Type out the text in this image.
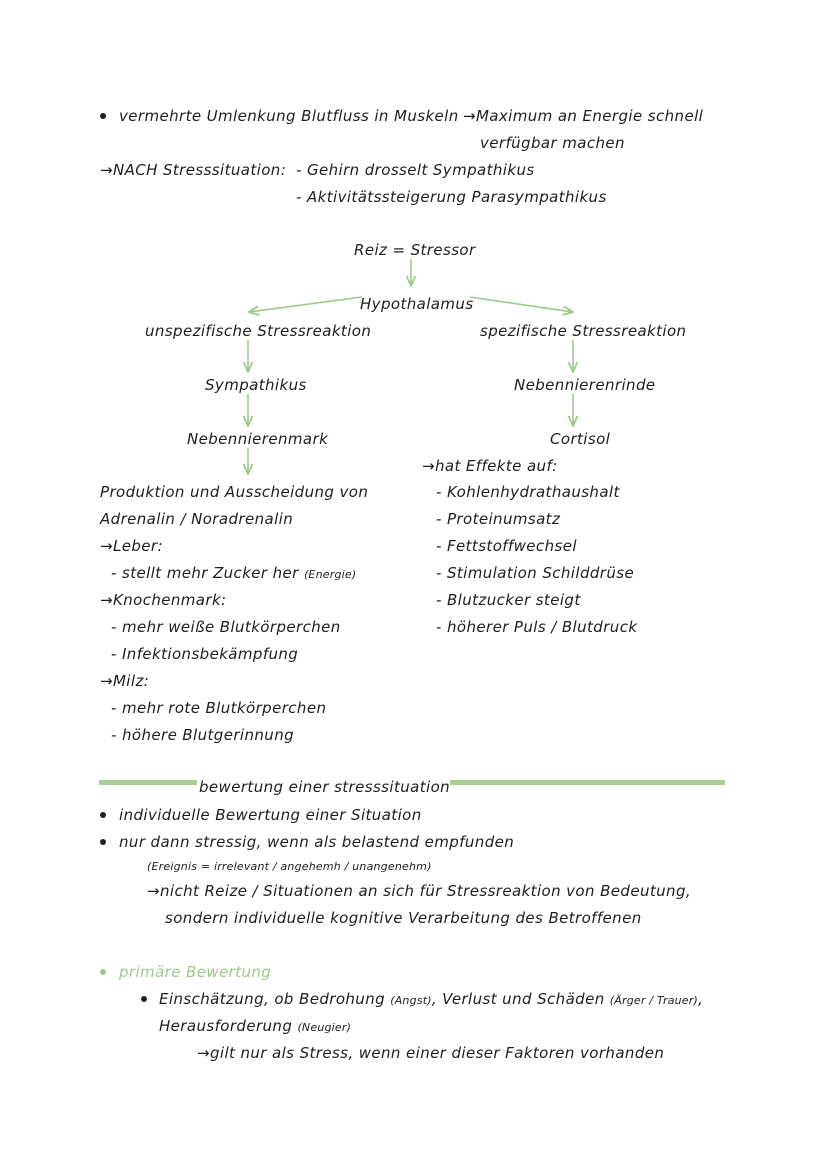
vermehrte Umlenkung Blutfluss in Muskeln →Maximum an Energie schnell
verfügbar machen
→NACH Stresssituation: - Gehirn drosselt Sympathikus
- Aktivitätssteigerung Parasympathikus
Reiz = Stressor
Hypothalamus
unspezifische Stressreaktion	spezifische Stressreaktion
Sympathikus	Nebennierenrinde
Nebennierenmark	Cortisol
Produktion und Ausscheidung von
Adrenalin / Noradrenalin
→Leber:
- stellt mehr Zucker her (Energie)
→Knochenmark:
- mehr weiße Blutkörperchen
- Infektionsbekämpfung
→Milz:
- mehr rote Blutkörperchen
- höhere Blutgerinnung
→hat Effekte auf:
- Kohlenhydrathaushalt
- Proteinumsatz
- Fettstoffwechsel
- Stimulation Schilddrüse
- Blutzucker steigt
- höherer Puls / Blutdruck
bewertung einer stresssituation
individuelle Bewertung einer Situation
nur dann stressig, wenn als belastend empfunden
(Ereignis = irrelevant / angehemh / unangenehm)
→nicht Reize / Situationen an sich für Stressreaktion von Bedeutung,
sondern individuelle kognitive Verarbeitung des Betroffenen
primäre Bewertung
Einschätzung, ob Bedrohung (Angst), Verlust und Schäden (Ärger / Trauer),
Herausforderung (Neugier)
→gilt nur als Stress, wenn einer dieser Faktoren vorhanden
